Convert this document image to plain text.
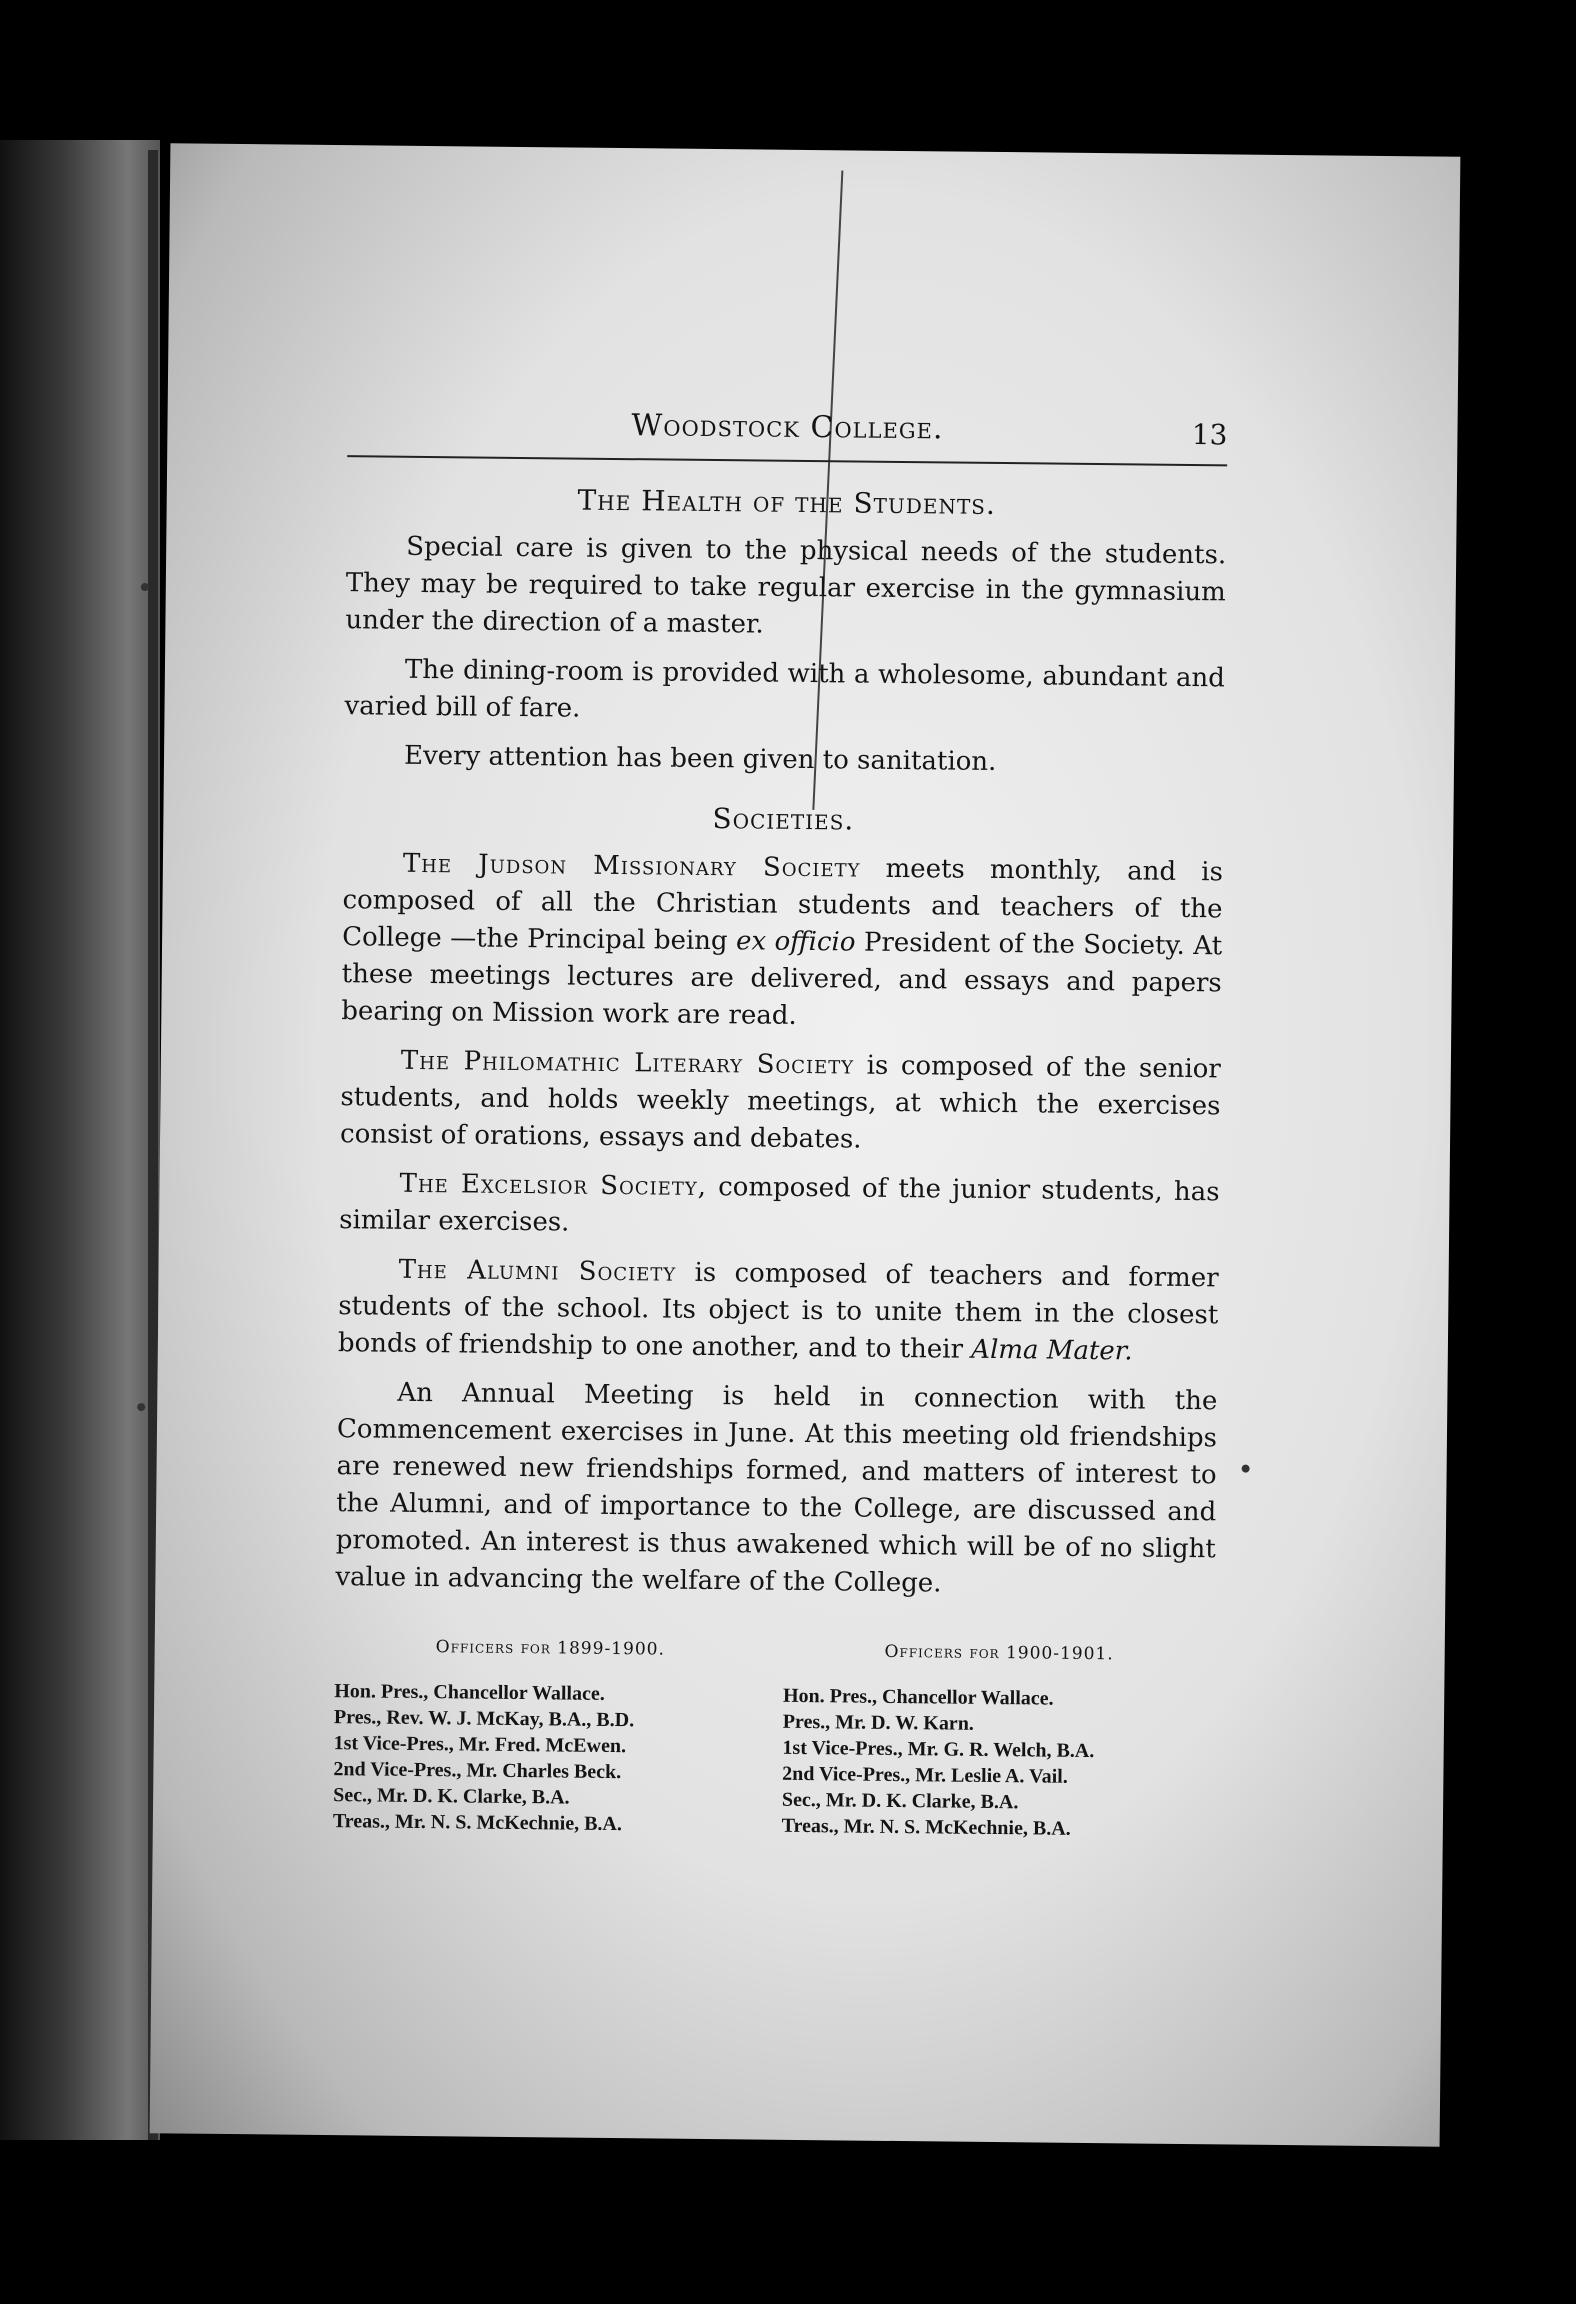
Woodstock College.	13
The Health of the Students.

Special care is given to the physical needs of the students. They may be required to take regular exercise in the gymnasium under the direction of a master.

The dining-room is provided with a wholesome, abundant and varied bill of fare.

Every attention has been given to sanitation.

Societies.

The Judson Missionary Society meets monthly, and is composed of all the Christian students and teachers of the College —the Principal being ex officio President of the Society. At these meetings lectures are delivered, and essays and papers bearing on Mission work are read.

The Philomathic Literary Society is composed of the senior students, and holds weekly meetings, at which the exercises consist of orations, essays and debates.

The Excelsior Society, composed of the junior students, has similar exercises.

The Alumni Society is composed of teachers and former students of the school. Its object is to unite them in the closest bonds of friendship to one another, and to their Alma Mater.

An Annual Meeting is held in connection with the Commencement exercises in June. At this meeting old friendships are renewed new friendships formed, and matters of interest to the Alumni, and of importance to the College, are discussed and promoted. An interest is thus awakened which will be of no slight value in advancing the welfare of the College.

Officers for 1899-1900.
Hon. Pres., Chancellor Wallace.
Pres., Rev. W. J. McKay, B.A., B.D.
1st Vice-Pres., Mr. Fred. McEwen.
2nd Vice-Pres., Mr. Charles Beck.
Sec., Mr. D. K. Clarke, B.A.
Treas., Mr. N. S. McKechnie, B.A.
Officers for 1900-1901.
Hon. Pres., Chancellor Wallace.
Pres., Mr. D. W. Karn.
1st Vice-Pres., Mr. G. R. Welch, B.A.
2nd Vice-Pres., Mr. Leslie A. Vail.
Sec., Mr. D. K. Clarke, B.A.
Treas., Mr. N. S. McKechnie, B.A.
